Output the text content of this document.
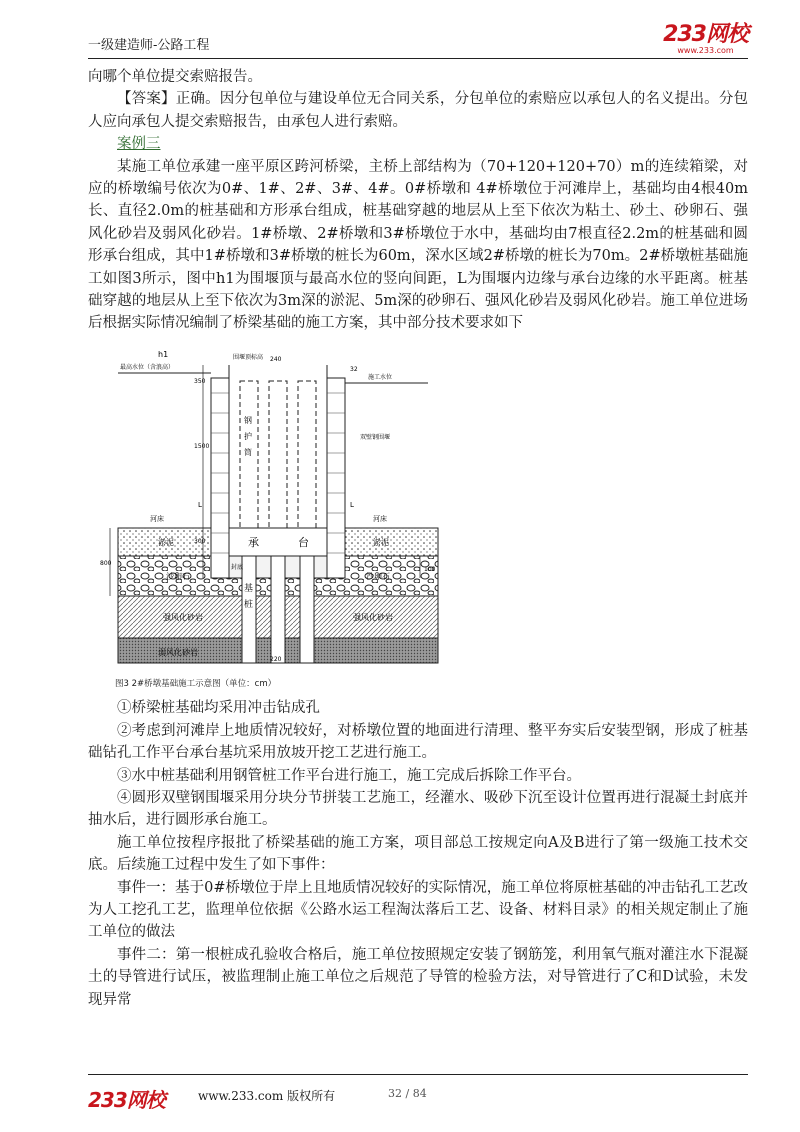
一级建造师-公路工程	233网校
www.233.com

向哪个单位提交索赔报告。

【答案】正确。因分包单位与建设单位无合同关系，分包单位的索赔应以承包人的名义提出。分包人应向承包人提交索赔报告，由承包人进行索赔。

案例三

某施工单位承建一座平原区跨河桥梁，主桥上部结构为（70+120+120+70）m的连续箱梁，对应的桥墩编号依次为0#、1#、2#、3#、4#。0#桥墩和 4#桥墩位于河滩岸上，基础均由4根40m长、直径2.0m的桩基础和方形承台组成，桩基础穿越的地层从上至下依次为粘土、砂土、砂卵石、强风化砂岩及弱风化砂岩。1#桥墩、2#桥墩和3#桥墩位于水中，基础均由7根直径2.2m的桩基础和圆形承台组成，其中1#桥墩和3#桥墩的桩长为60m，深水区域2#桥墩的桩长为70m。2#桥墩桩基础施工如图3所示，图中h1为围堰顶与最高水位的竖向间距，L为围堰内边缘与承台边缘的水平距离。桩基础穿越的地层从上至下依次为3m深的淤泥、5m深的砂卵石、强风化砂岩及弱风化砂岩。施工单位进场后根据实际情况编制了桥梁基础的施工方案，其中部分技术要求如下

h1
最高水位（含浪高）
围堰顶标高
施工水位
双壁钢围堰
河床	河床
L	L
淤泥	淤泥
沙卵石	沙卵石
承	台
封底
基
桩
钢
护
筒
强风化砂岩	强风化砂岩
弱风化砂岩
350
1500
300
800
240
32
100
220

图3 2#桥墩基础施工示意图（单位：cm）

①桥梁桩基础均采用冲击钻成孔

②考虑到河滩岸上地质情况较好，对桥墩位置的地面进行清理、整平夯实后安装型钢，形成了桩基础钻孔工作平台承台基坑采用放坡开挖工艺进行施工。

③水中桩基础利用钢管桩工作平台进行施工，施工完成后拆除工作平台。

④圆形双壁钢围堰采用分块分节拼装工艺施工，经灌水、吸砂下沉至设计位置再进行混凝土封底并抽水后，进行圆形承台施工。

施工单位按程序报批了桥梁基础的施工方案，项目部总工按规定向A及B进行了第一级施工技术交底。后续施工过程中发生了如下事件：

事件一：基于0#桥墩位于岸上且地质情况较好的实际情况，施工单位将原桩基础的冲击钻孔工艺改为人工挖孔工艺，监理单位依据《公路水运工程淘汰落后工艺、设备、材料目录》的相关规定制止了施工单位的做法

事件二：第一根桩成孔验收合格后，施工单位按照规定安装了钢筋笼，利用氧气瓶对灌注水下混凝土的导管进行试压，被监理制止施工单位之后规范了导管的检验方法，对导管进行了C和D试验，未发现异常

233网校	www.233.com 版权所有	32 / 84
